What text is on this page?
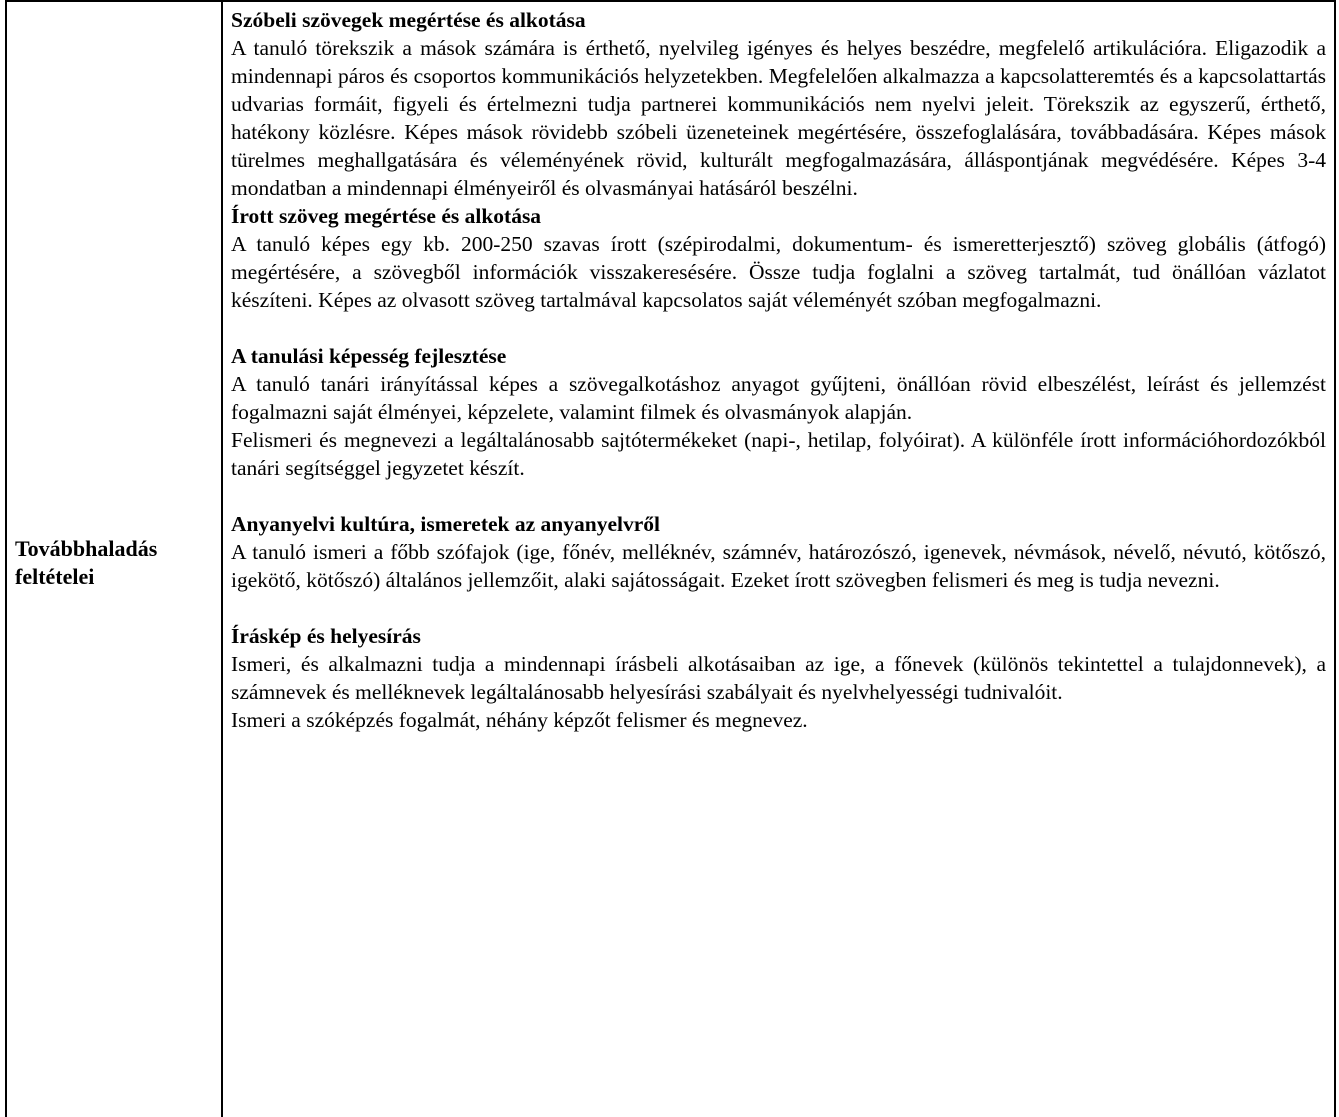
Továbbhaladás
feltételei

Szóbeli szövegek megértése és alkotása

A tanuló törekszik a mások számára is érthető, nyelvileg igényes és helyes beszédre, megfelelő artikulációra. Eligazodik a mindennapi páros és csoportos kommunikációs helyzetekben. Megfelelően alkalmazza a kapcsolatteremtés és a kapcsolattartás udvarias formáit, figyeli és értelmezni tudja partnerei kommunikációs nem nyelvi jeleit. Törekszik az egyszerű, érthető, hatékony közlésre. Képes mások rövidebb szóbeli üzeneteinek megértésére, összefoglalására, továbbadására. Képes mások türelmes meghallgatására és véleményének rövid, kulturált megfogalmazására, álláspontjának megvédésére. Képes 3-4 mondatban a mindennapi élményeiről és olvasmányai hatásáról beszélni.

Írott szöveg megértése és alkotása

A tanuló képes egy kb. 200-250 szavas írott (szépirodalmi, dokumentum- és ismeretterjesztő) szöveg globális (átfogó) megértésére, a szövegből információk visszakeresésére. Össze tudja foglalni a szöveg tartalmát, tud önállóan vázlatot készíteni. Képes az olvasott szöveg tartalmával kapcsolatos saját véleményét szóban megfogalmazni.

A tanulási képesség fejlesztése

A tanuló tanári irányítással képes a szövegalkotáshoz anyagot gyűjteni, önállóan rövid elbeszélést, leírást és jellemzést fogalmazni saját élményei, képzelete, valamint filmek és olvasmányok alapján.

Felismeri és megnevezi a legáltalánosabb sajtótermékeket (napi-, hetilap, folyóirat). A különféle írott információhordozókból tanári segítséggel jegyzetet készít.

Anyanyelvi kultúra, ismeretek az anyanyelvről

A tanuló ismeri a főbb szófajok (ige, főnév, melléknév, számnév, határozószó, igenevek, névmások, névelő, névutó, kötőszó, igekötő, kötőszó) általános jellemzőit, alaki sajátosságait. Ezeket írott szövegben felismeri és meg is tudja nevezni.

Íráskép és helyesírás

Ismeri, és alkalmazni tudja a mindennapi írásbeli alkotásaiban az ige, a főnevek (különös tekintettel a tulajdonnevek), a számnevek és melléknevek legáltalánosabb helyesírási szabályait és nyelvhelyességi tudnivalóit.

Ismeri a szóképzés fogalmát, néhány képzőt felismer és megnevez.
